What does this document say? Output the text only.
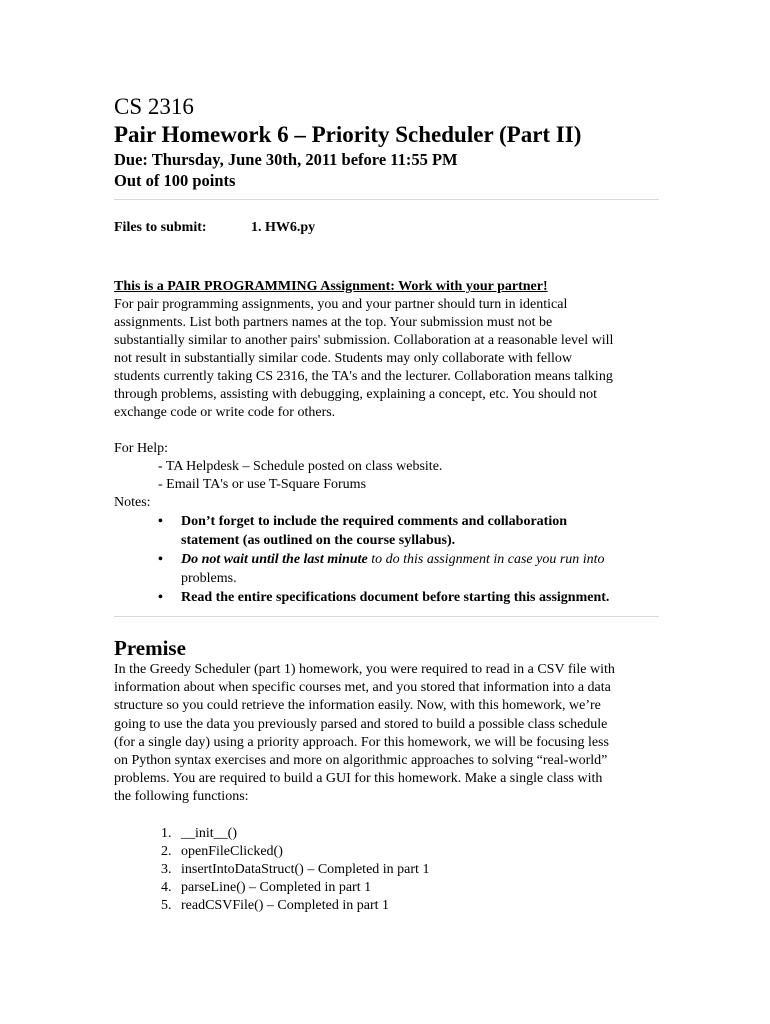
CS 2316
Pair Homework 6 – Priority Scheduler (Part II)
Due: Thursday, June 30th, 2011 before 11:55 PM
Out of 100 points
Files to submit:	1. HW6.py
This is a PAIR PROGRAMMING Assignment: Work with your partner!

For pair programming assignments, you and your partner should turn in identical
assignments. List both partners names at the top. Your submission must not be
substantially similar to another pairs' submission. Collaboration at a reasonable level will
not result in substantially similar code. Students may only collaborate with fellow
students currently taking CS 2316, the TA's and the lecturer. Collaboration means talking
through problems, assisting with debugging, explaining a concept, etc. You should not
exchange code or write code for others.

For Help:
- TA Helpdesk – Schedule posted on class website.
- Email TA's or use T-Square Forums
Notes:
• Don’t forget to include the required comments and collaboration
statement (as outlined on the course syllabus).
• Do not wait until the last minute to do this assignment in case you run into
problems.
• Read the entire specifications document before starting this assignment.
Premise

In the Greedy Scheduler (part 1) homework, you were required to read in a CSV file with
information about when specific courses met, and you stored that information into a data
structure so you could retrieve the information easily. Now, with this homework, we’re
going to use the data you previously parsed and stored to build a possible class schedule
(for a single day) using a priority approach. For this homework, we will be focusing less
on Python syntax exercises and more on algorithmic approaches to solving “real-world”
problems. You are required to build a GUI for this homework. Make a single class with
the following functions:

1. __init__()
2. openFileClicked()
3. insertIntoDataStruct() – Completed in part 1
4. parseLine() – Completed in part 1
5. readCSVFile() – Completed in part 1
